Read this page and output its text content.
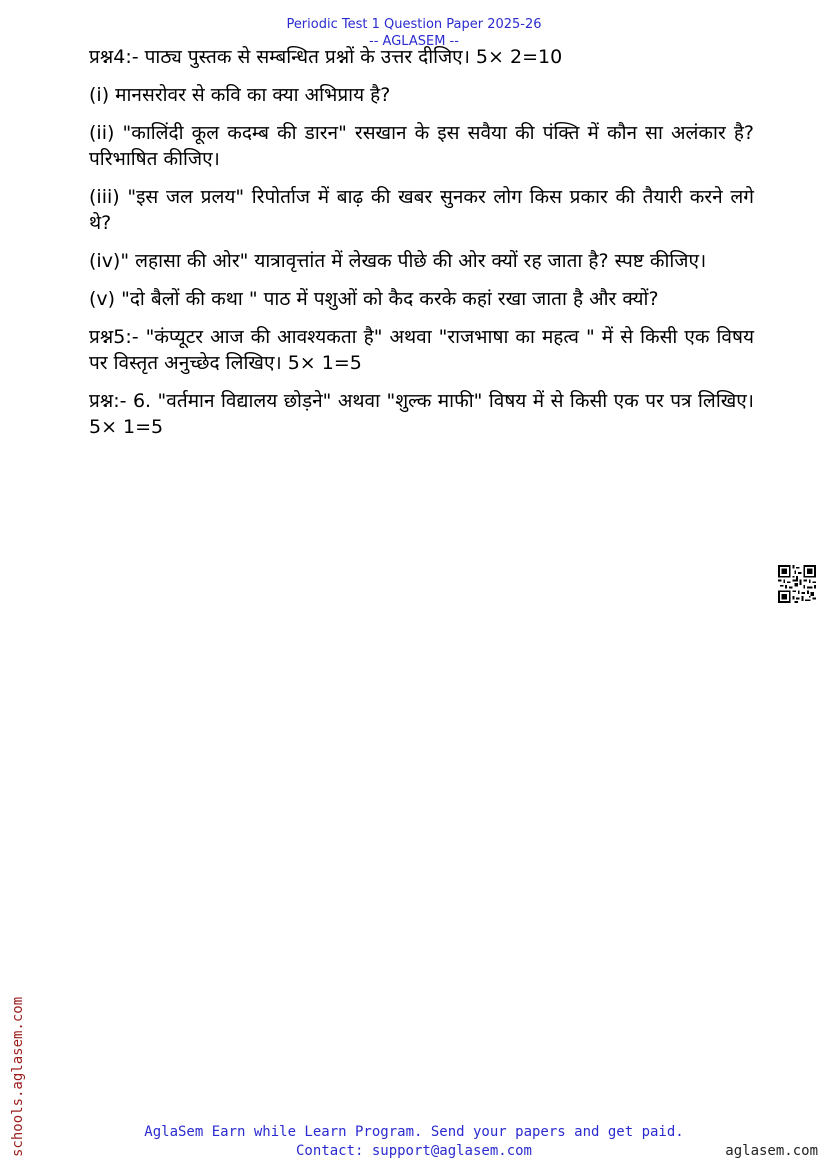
Periodic Test 1 Question Paper 2025-26
-- AGLASEM --

प्रश्न4:- पाठ्य पुस्तक से सम्बन्धित प्रश्नों के उत्तर दीजिए। 5× 2=10

(i) मानसरोवर से कवि का क्या अभिप्राय है?

(ii) "कालिंदी कूल कदम्ब की डारन" रसखान के इस सवैया की पंक्ति में कौन सा अलंकार है? परिभाषित कीजिए।

(iii) "इस जल प्रलय" रिपोर्ताज में बाढ़ की खबर सुनकर लोग किस प्रकार की तैयारी करने लगे थे?

(iv)" लहासा की ओर" यात्रावृत्तांत में लेखक पीछे की ओर क्यों रह जाता है? स्पष्ट कीजिए।

(v) "दो बैलों की कथा " पाठ में पशुओं को कैद करके कहां रखा जाता है और क्यों?

प्रश्न5:- "कंप्यूटर आज की आवश्यकता है" अथवा "राजभाषा का महत्व " में से किसी एक विषय पर विस्तृत अनुच्छेद लिखिए। 5× 1=5

प्रश्न:- 6. "वर्तमान विद्यालय छोड़ने" अथवा "शुल्क माफी" विषय में से किसी एक पर पत्र लिखिए। 5× 1=5

schools.aglasem.com	AglaSem Earn while Learn Program. Send your papers and get paid.
Contact: support@aglasem.com	aglasem.com
